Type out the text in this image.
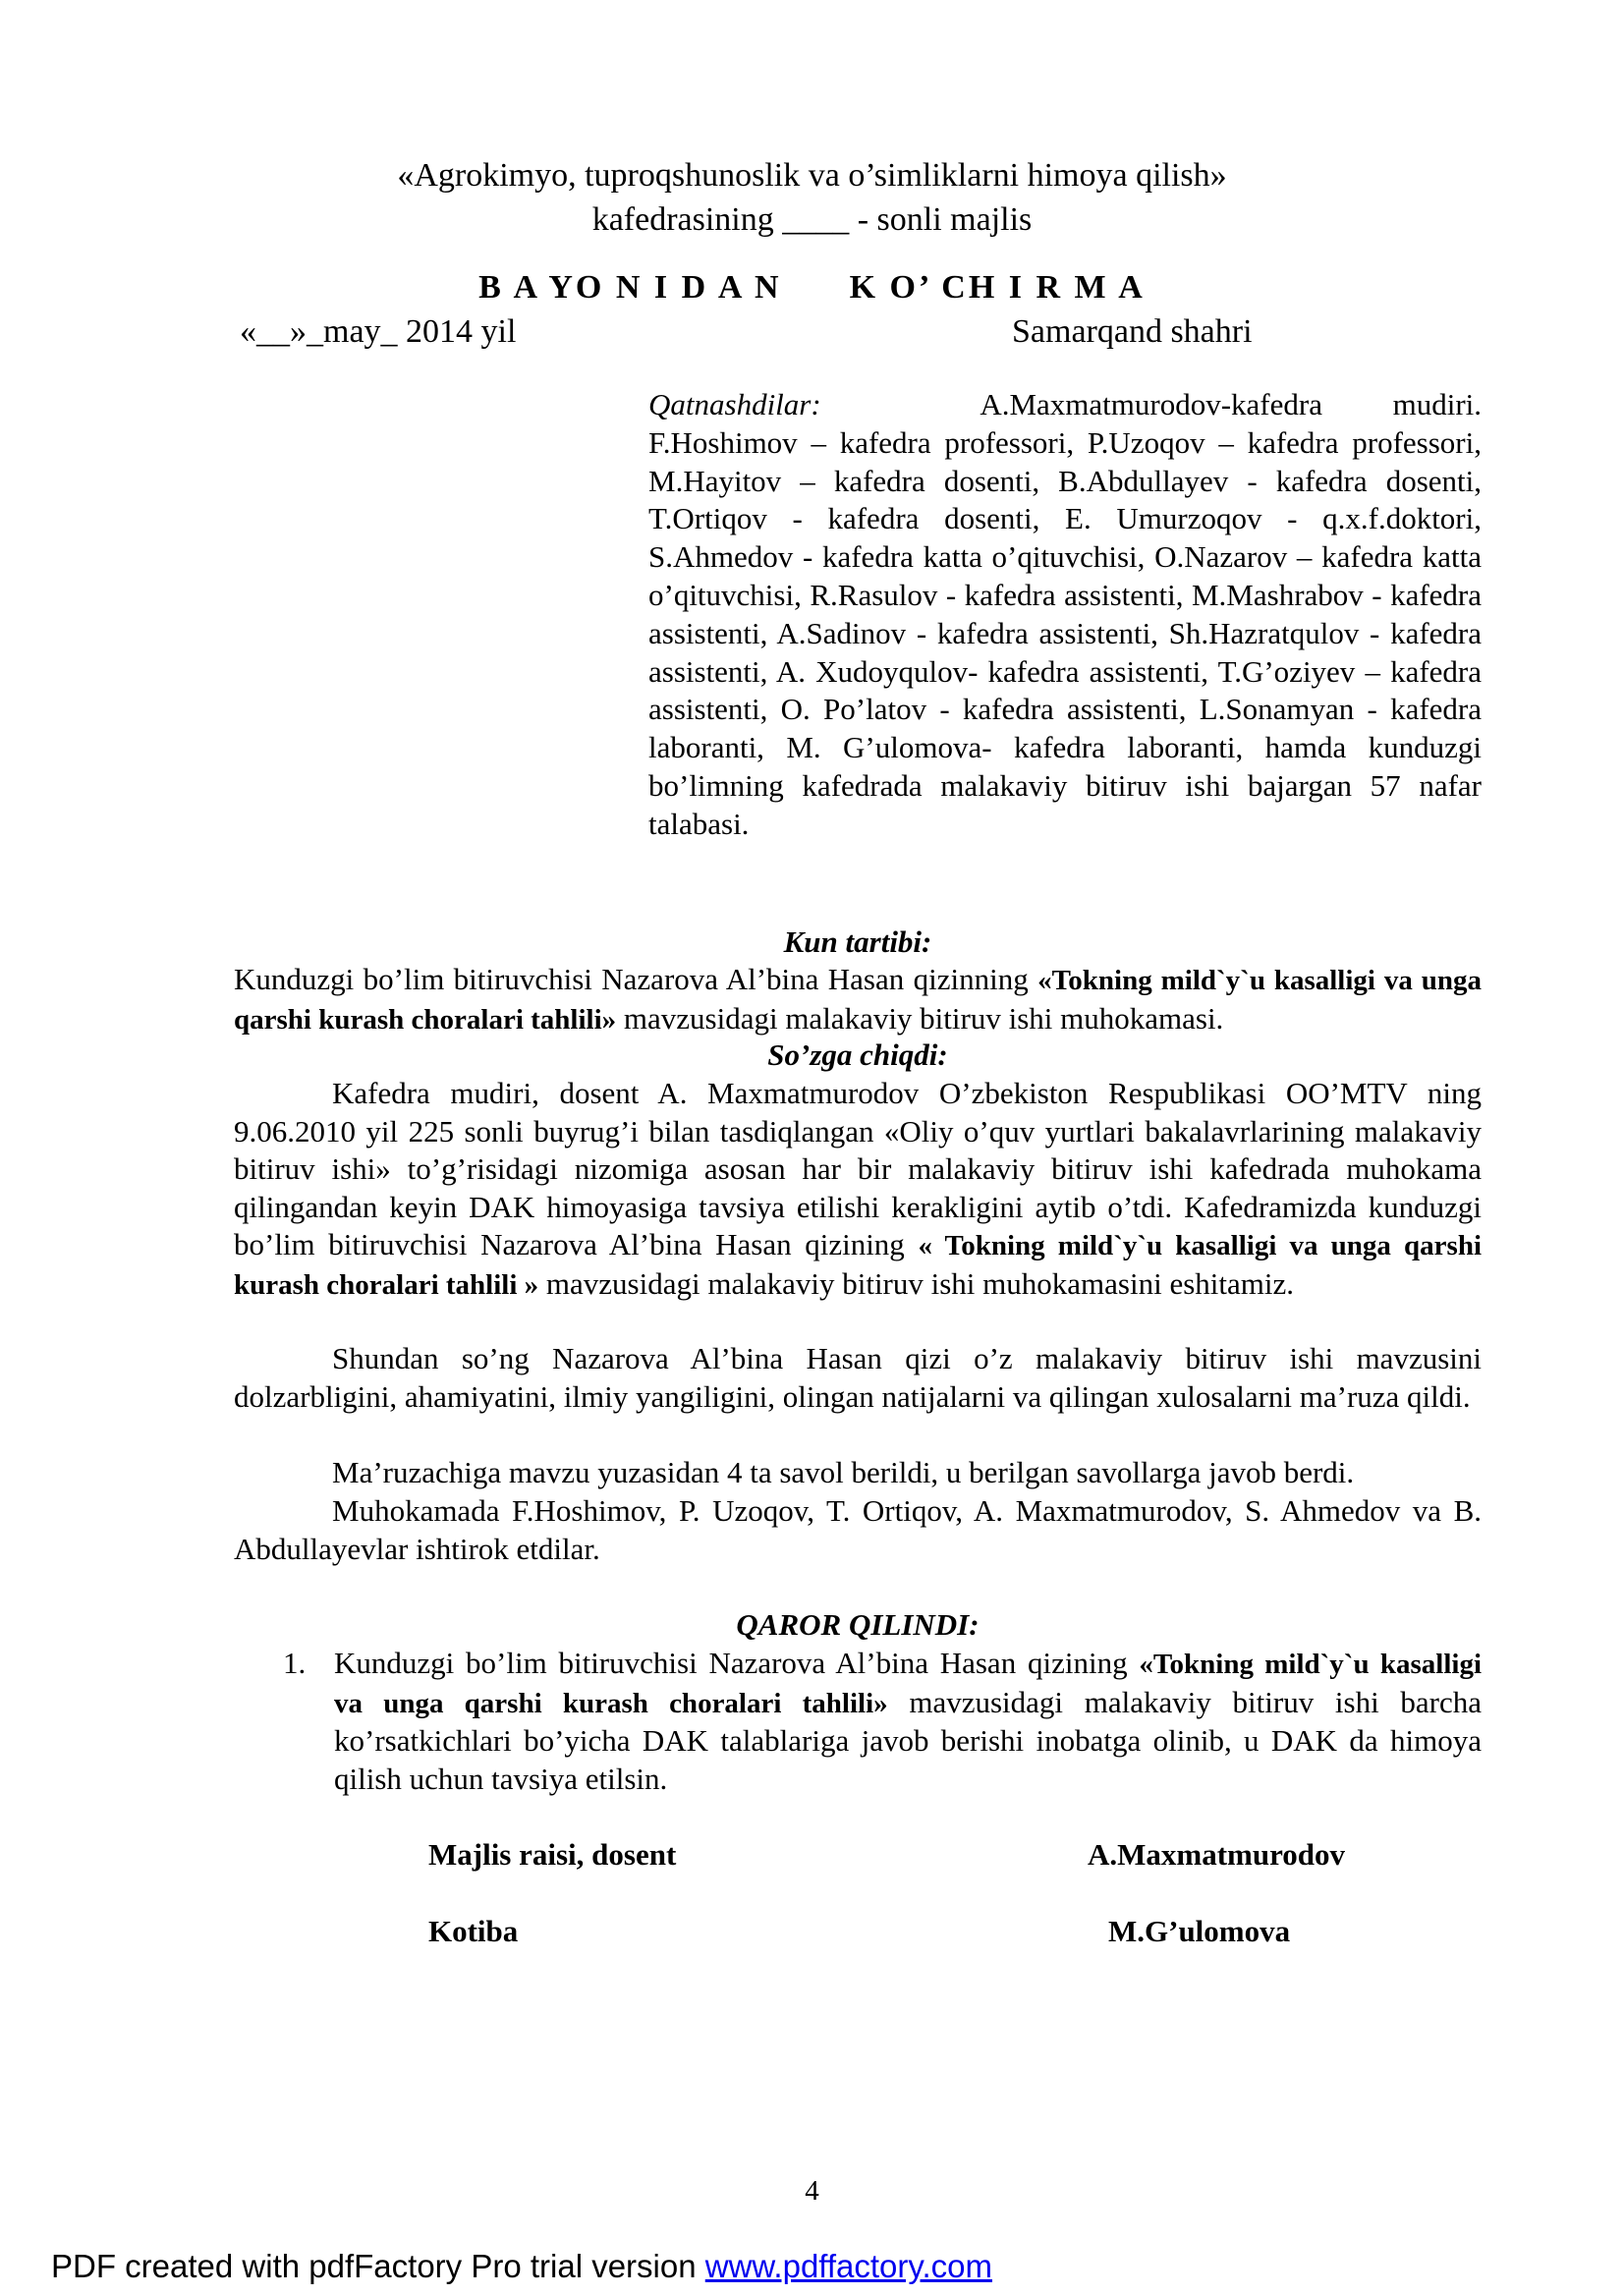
«Agrokimyo, tuproqshunoslik va o’simliklarni himoya qilish»
kafedrasining ____ - sonli majlis
B A YO N I D A N      K O’ CH I R M A
«__»_may_ 2014 yil	Samarqand shahri
Qatnashdilar:	A.Maxmatmurodov-kafedra mudiri. F.Hoshimov – kafedra professori, P.Uzoqov – kafedra professori, M.Hayitov – kafedra dosenti, B.Abdullayev - kafedra dosenti, T.Ortiqov - kafedra dosenti, E. Umurzoqov - q.x.f.doktori, S.Ahmedov - kafedra katta o’qituvchisi, O.Nazarov – kafedra katta o’qituvchisi, R.Rasulov - kafedra assistenti, M.Mashrabov - kafedra assistenti, A.Sadinov - kafedra assistenti, Sh.Hazratqulov - kafedra assistenti, A. Xudoyqulov- kafedra assistenti, T.G’oziyev – kafedra assistenti, O. Po’latov - kafedra assistenti, L.Sonamyan - kafedra laboranti, M. G’ulomova- kafedra laboranti, hamda kunduzgi bo’limning kafedrada malakaviy bitiruv ishi bajargan 57 nafar talabasi.
Kun tartibi:
Kunduzgi bo’lim bitiruvchisi Nazarova Al’bina Hasan qizinning «Tokning mild`y`u kasalligi va unga qarshi kurash choralari tahlili» mavzusidagi malakaviy bitiruv ishi muhokamasi.
So’zga chiqdi:
Kafedra mudiri, dosent A. Maxmatmurodov O’zbekiston Respublikasi OO’MTV ning 9.06.2010 yil 225 sonli buyrug’i bilan tasdiqlangan «Oliy o’quv yurtlari bakalavrlarining malakaviy bitiruv ishi» to’g’risidagi nizomiga asosan har bir malakaviy bitiruv ishi kafedrada muhokama qilingandan keyin DAK himoyasiga tavsiya etilishi kerakligini aytib o’tdi. Kafedramizda kunduzgi bo’lim bitiruvchisi Nazarova Al’bina Hasan qizining « Tokning mild`y`u kasalligi va unga qarshi kurash choralari tahlili » mavzusidagi malakaviy bitiruv ishi muhokamasini eshitamiz.
Shundan so’ng Nazarova Al’bina Hasan qizi o’z malakaviy bitiruv ishi mavzusini dolzarbligini, ahamiyatini, ilmiy yangiligini, olingan natijalarni va qilingan xulosalarni ma’ruza qildi.
Ma’ruzachiga mavzu yuzasidan 4 ta savol berildi, u berilgan savollarga javob berdi.
Muhokamada F.Hoshimov, P. Uzoqov, T. Ortiqov, A. Maxmatmurodov, S. Ahmedov va B. Abdullayevlar ishtirok etdilar.
QAROR QILINDI:
1. Kunduzgi bo’lim bitiruvchisi Nazarova Al’bina Hasan qizining «Tokning mild`y`u kasalligi va unga qarshi kurash choralari tahlili» mavzusidagi malakaviy bitiruv ishi barcha ko’rsatkichlari bo’yicha DAK talablariga javob berishi inobatga olinib, u DAK da himoya qilish uchun tavsiya etilsin.
Majlis raisi, dosent	A.Maxmatmurodov
Kotiba	M.G’ulomova
4
PDF created with pdfFactory Pro trial version www.pdffactory.com
